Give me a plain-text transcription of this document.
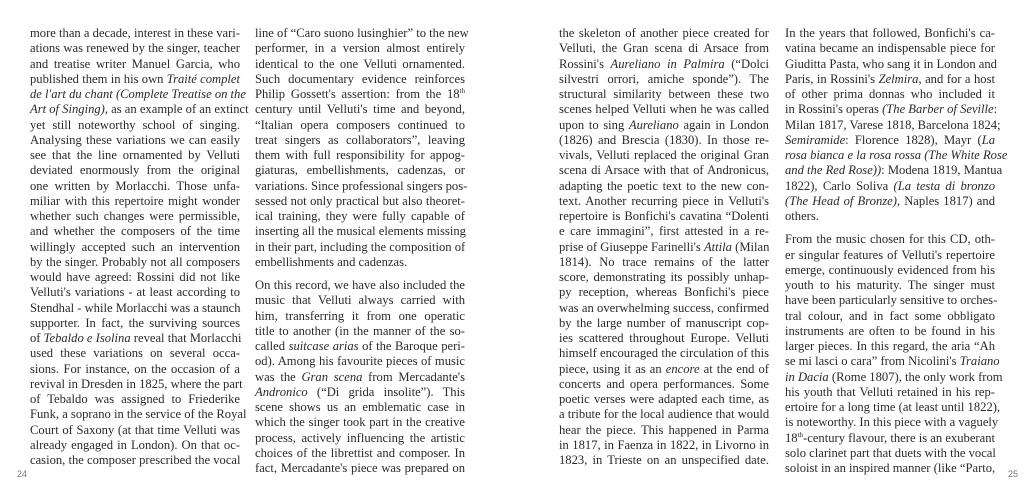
more than a decade, interest in these vari-
ations was renewed by the singer, teacher
and treatise writer Manuel Garcia, who
published them in his own Traité complet
de l'art du chant (Complete Treatise on the
Art of Singing), as an example of an extinct
yet still noteworthy school of singing.
Analysing these variations we can easily
see that the line ornamented by Velluti
deviated enormously from the original
one written by Morlacchi. Those unfa-
miliar with this repertoire might wonder
whether such changes were permissible,
and whether the composers of the time
willingly accepted such an intervention
by the singer. Probably not all composers
would have agreed: Rossini did not like
Velluti's variations - at least according to
Stendhal - while Morlacchi was a staunch
supporter. In fact, the surviving sources
of Tebaldo e Isolina reveal that Morlacchi
used these variations on several occa-
sions. For instance, on the occasion of a
revival in Dresden in 1825, where the part
of Tebaldo was assigned to Friederike
Funk, a soprano in the service of the Royal
Court of Saxony (at that time Velluti was
already engaged in London). On that oc-
casion, the composer prescribed the vocal

line of “Caro suono lusinghier” to the new
performer, in a version almost entirely
identical to the one Velluti ornamented.
Such documentary evidence reinforces
Philip Gossett's assertion: from the 18th
century until Velluti's time and beyond,
“Italian opera composers continued to
treat singers as collaborators”, leaving
them with full responsibility for appog-
giaturas, embellishments, cadenzas, or
variations. Since professional singers pos-
sessed not only practical but also theoret-
ical training, they were fully capable of
inserting all the musical elements missing
in their part, including the composition of
embellishments and cadenzas.

On this record, we have also included the
music that Velluti always carried with
him, transferring it from one operatic
title to another (in the manner of the so-
called suitcase arias of the Baroque peri-
od). Among his favourite pieces of music
was the Gran scena from Mercadante's
Andronico (“Di grida insolite”). This
scene shows us an emblematic case in
which the singer took part in the creative
process, actively influencing the artistic
choices of the librettist and composer. In
fact, Mercadante's piece was prepared on

24

the skeleton of another piece created for
Velluti, the Gran scena di Arsace from
Rossini's Aureliano in Palmira (“Dolci
silvestri orrori, amiche sponde”). The
structural similarity between these two
scenes helped Velluti when he was called
upon to sing Aureliano again in London
(1826) and Brescia (1830). In those re-
vivals, Velluti replaced the original Gran
scena di Arsace with that of Andronicus,
adapting the poetic text to the new con-
text. Another recurring piece in Velluti's
repertoire is Bonfichi's cavatina “Dolenti
e care immagini”, first attested in a re-
prise of Giuseppe Farinelli's Attila (Milan
1814). No trace remains of the latter
score, demonstrating its possibly unhap-
py reception, whereas Bonfichi's piece
was an overwhelming success, confirmed
by the large number of manuscript cop-
ies scattered throughout Europe. Velluti
himself encouraged the circulation of this
piece, using it as an encore at the end of
concerts and opera performances. Some
poetic verses were adapted each time, as
a tribute for the local audience that would
hear the piece. This happened in Parma
in 1817, in Faenza in 1822, in Livorno in
1823, in Trieste on an unspecified date.

In the years that followed, Bonfichi's ca-
vatina became an indispensable piece for
Giuditta Pasta, who sang it in London and
Paris, in Rossini's Zelmira, and for a host
of other prima donnas who included it
in Rossini's operas (The Barber of Seville:
Milan 1817, Varese 1818, Barcelona 1824;
Semiramide: Florence 1828), Mayr (La
rosa bianca e la rosa rossa (The White Rose
and the Red Rose)): Modena 1819, Mantua
1822), Carlo Soliva (La testa di bronzo
(The Head of Bronze), Naples 1817) and
others.

From the music chosen for this CD, oth-
er singular features of Velluti's repertoire
emerge, continuously evidenced from his
youth to his maturity. The singer must
have been particularly sensitive to orches-
tral colour, and in fact some obbligato
instruments are often to be found in his
larger pieces. In this regard, the aria “Ah
se mi lasci o cara” from Nicolini's Traiano
in Dacia (Rome 1807), the only work from
his youth that Velluti retained in his rep-
ertoire for a long time (at least until 1822),
is noteworthy. In this piece with a vaguely
18th-century flavour, there is an exuberant
solo clarinet part that duets with the vocal
soloist in an inspired manner (like “Parto, 25
